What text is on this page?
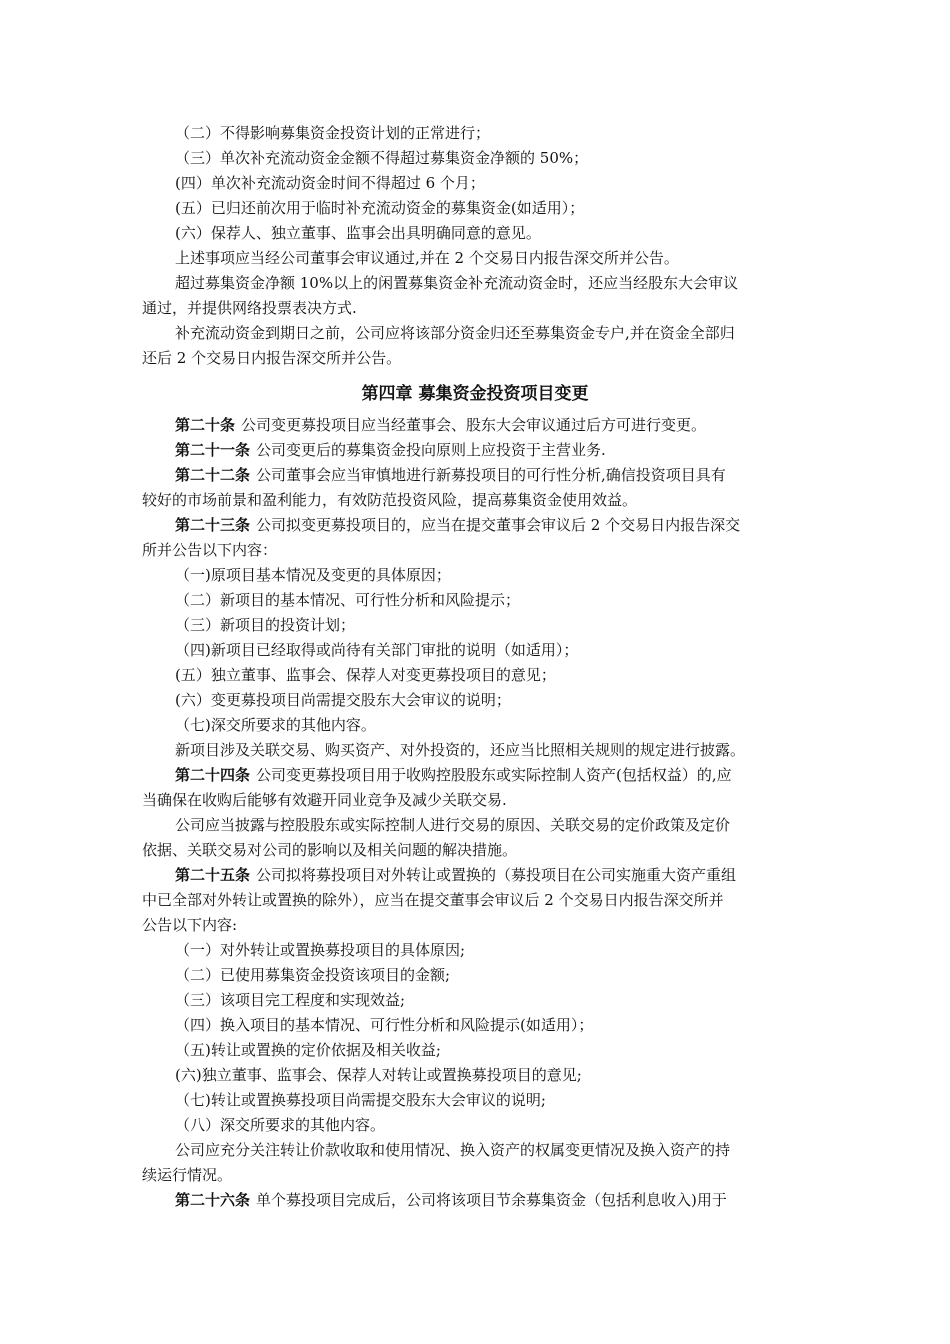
（二）不得影响募集资金投资计划的正常进行；
（三）单次补充流动资金金额不得超过募集资金净额的 50%；
(四）单次补充流动资金时间不得超过 6 个月；
(五）已归还前次用于临时补充流动资金的募集资金(如适用）；
(六）保荐人、独立董事、监事会出具明确同意的意见。
上述事项应当经公司董事会审议通过,并在 2 个交易日内报告深交所并公告。
超过募集资金净额 10%以上的闲置募集资金补充流动资金时，还应当经股东大会审议
通过，并提供网络投票表决方式.
补充流动资金到期日之前，公司应将该部分资金归还至募集资金专户,并在资金全部归
还后 2 个交易日内报告深交所并公告。
第四章 募集资金投资项目变更
第二十条 公司变更募投项目应当经董事会、股东大会审议通过后方可进行变更。
第二十一条 公司变更后的募集资金投向原则上应投资于主营业务.
第二十二条 公司董事会应当审慎地进行新募投项目的可行性分析,确信投资项目具有
较好的市场前景和盈利能力，有效防范投资风险，提高募集资金使用效益。
第二十三条 公司拟变更募投项目的，应当在提交董事会审议后 2 个交易日内报告深交
所并公告以下内容：
（一)原项目基本情况及变更的具体原因；
（二）新项目的基本情况、可行性分析和风险提示；
（三）新项目的投资计划；
（四)新项目已经取得或尚待有关部门审批的说明（如适用）；
(五）独立董事、监事会、保荐人对变更募投项目的意见；
(六）变更募投项目尚需提交股东大会审议的说明；
（七)深交所要求的其他内容。
新项目涉及关联交易、购买资产、对外投资的，还应当比照相关规则的规定进行披露。
第二十四条 公司变更募投项目用于收购控股股东或实际控制人资产(包括权益）的,应
当确保在收购后能够有效避开同业竞争及减少关联交易.
公司应当披露与控股股东或实际控制人进行交易的原因、关联交易的定价政策及定价
依据、关联交易对公司的影响以及相关问题的解决措施。
第二十五条 公司拟将募投项目对外转让或置换的（募投项目在公司实施重大资产重组
中已全部对外转让或置换的除外），应当在提交董事会审议后 2 个交易日内报告深交所并
公告以下内容:
（一）对外转让或置换募投项目的具体原因;
（二）已使用募集资金投资该项目的金额;
（三）该项目完工程度和实现效益;
（四）换入项目的基本情况、可行性分析和风险提示(如适用）；
（五)转让或置换的定价依据及相关收益;
(六)独立董事、监事会、保荐人对转让或置换募投项目的意见;
（七)转让或置换募投项目尚需提交股东大会审议的说明;
（八）深交所要求的其他内容。
公司应充分关注转让价款收取和使用情况、换入资产的权属变更情况及换入资产的持
续运行情况。
第二十六条 单个募投项目完成后，公司将该项目节余募集资金（包括利息收入)用于
